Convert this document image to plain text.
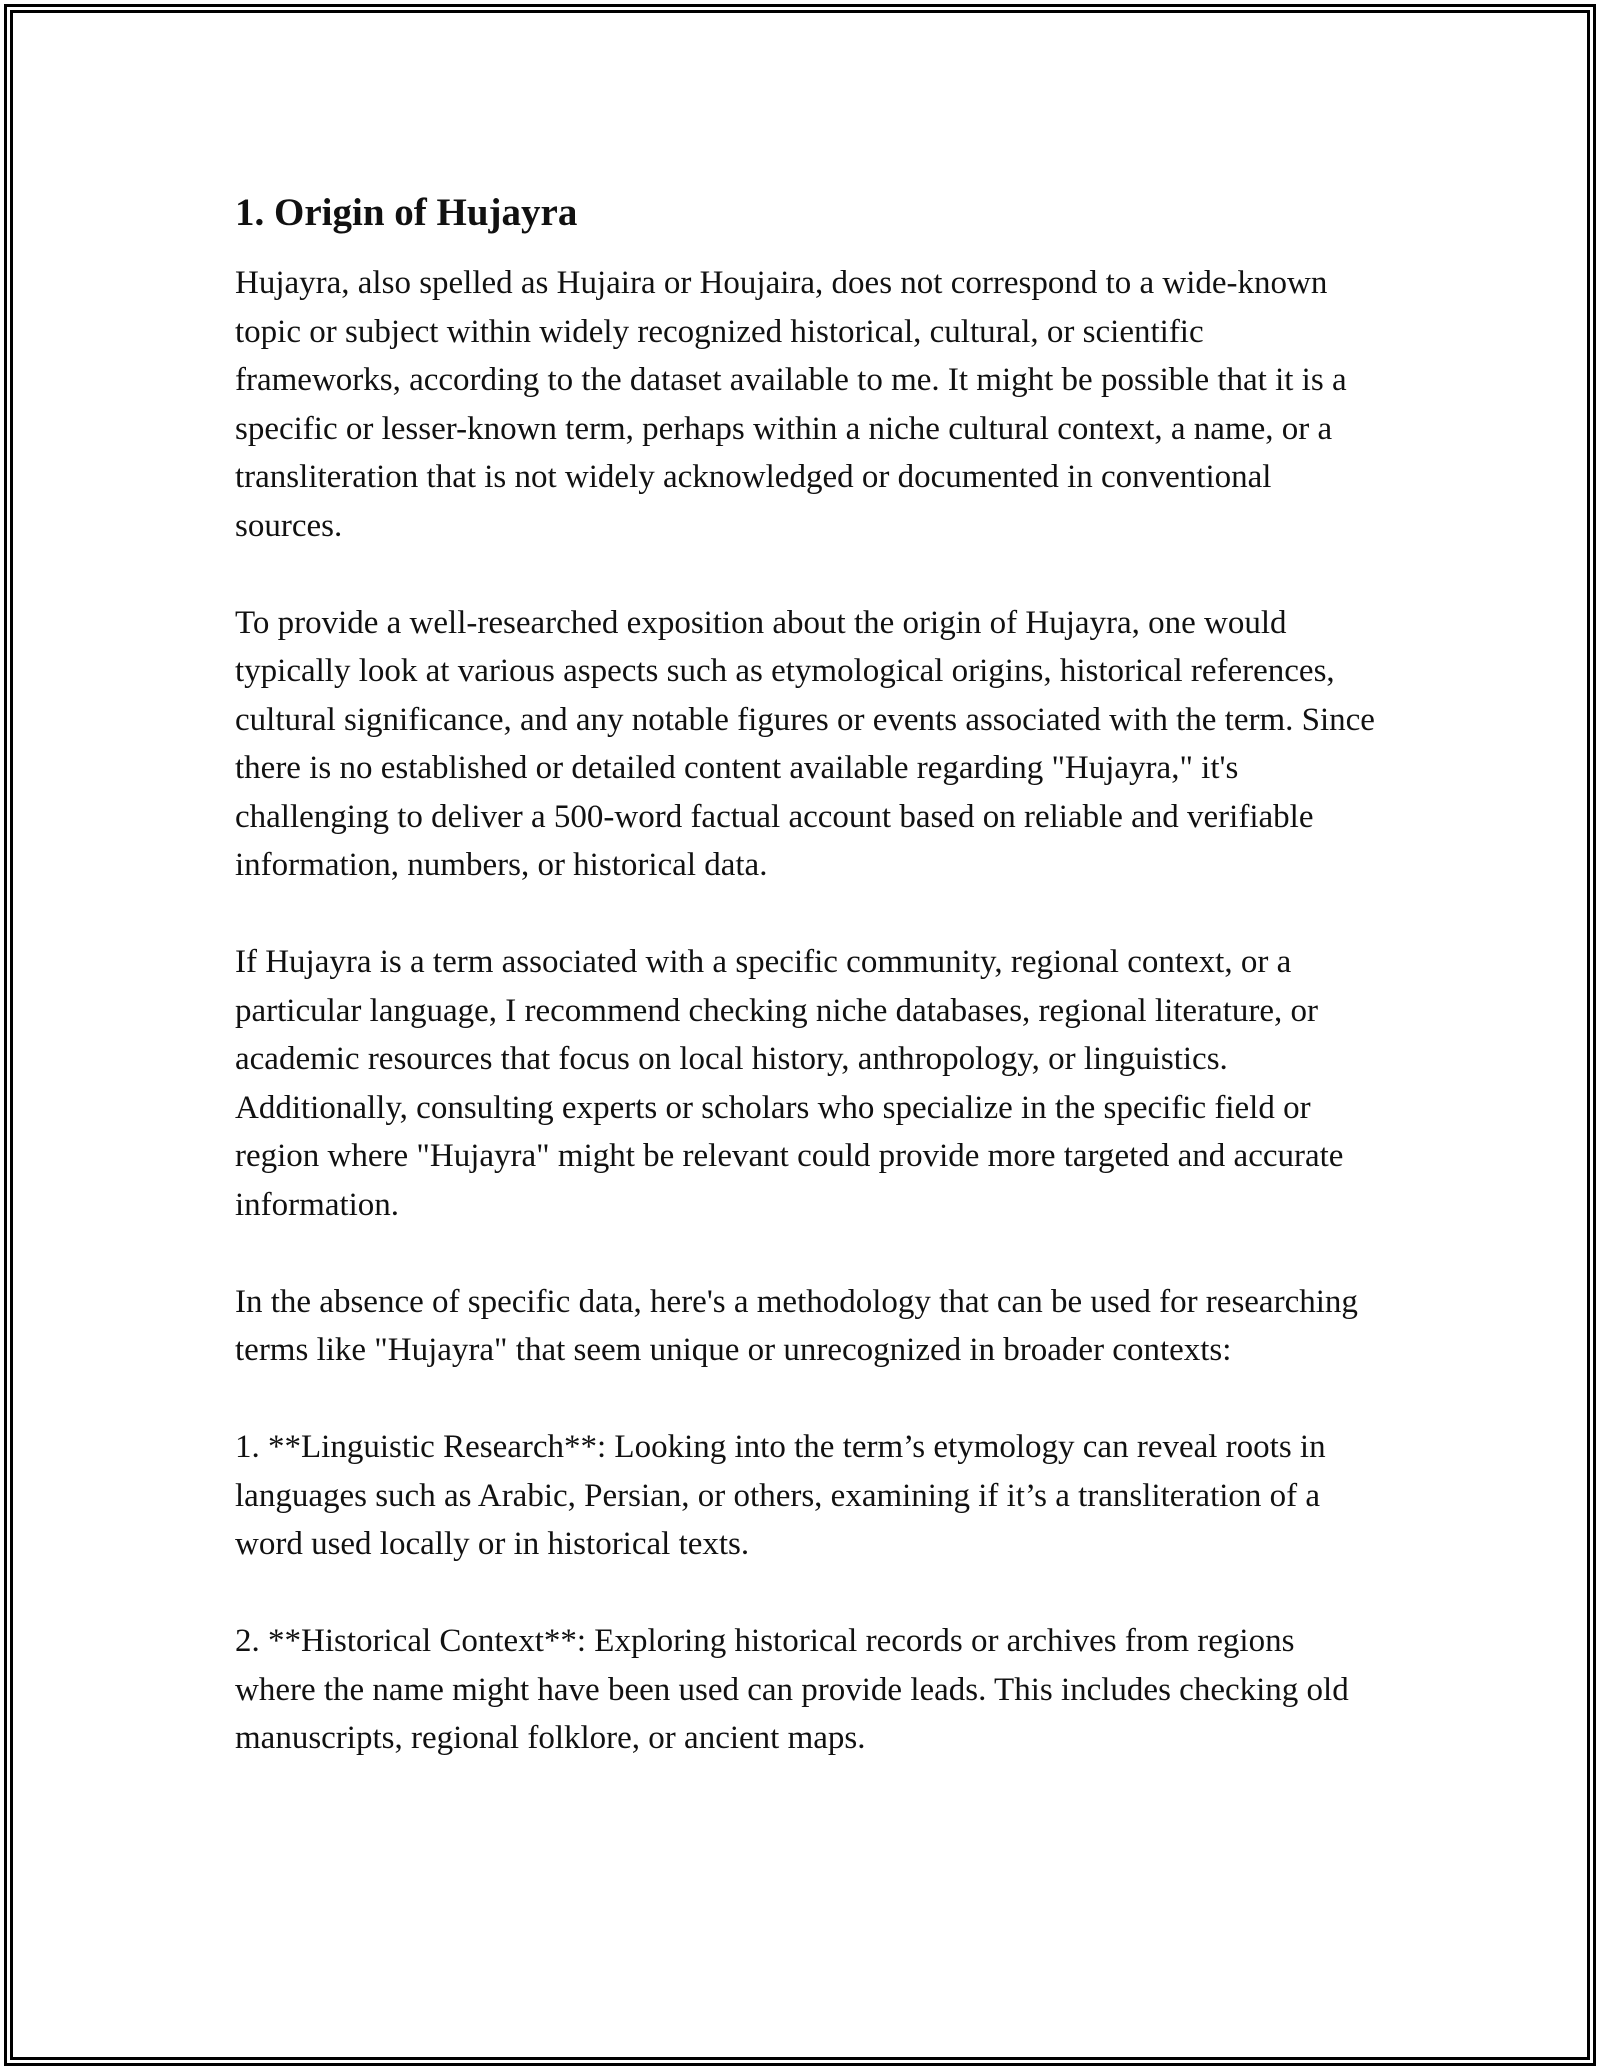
1. Origin of Hujayra

Hujayra, also spelled as Hujaira or Houjaira, does not correspond to a wide-known topic or subject within widely recognized historical, cultural, or scientific frameworks, according to the dataset available to me. It might be possible that it is a specific or lesser-known term, perhaps within a niche cultural context, a name, or a transliteration that is not widely acknowledged or documented in conventional sources.

To provide a well-researched exposition about the origin of Hujayra, one would typically look at various aspects such as etymological origins, historical references, cultural significance, and any notable figures or events associated with the term. Since there is no established or detailed content available regarding "Hujayra," it's challenging to deliver a 500-word factual account based on reliable and verifiable information, numbers, or historical data.

If Hujayra is a term associated with a specific community, regional context, or a particular language, I recommend checking niche databases, regional literature, or academic resources that focus on local history, anthropology, or linguistics. Additionally, consulting experts or scholars who specialize in the specific field or region where "Hujayra" might be relevant could provide more targeted and accurate information.

In the absence of specific data, here's a methodology that can be used for researching terms like "Hujayra" that seem unique or unrecognized in broader contexts:

1. **Linguistic Research**: Looking into the term’s etymology can reveal roots in languages such as Arabic, Persian, or others, examining if it’s a transliteration of a word used locally or in historical texts.

2. **Historical Context**: Exploring historical records or archives from regions where the name might have been used can provide leads. This includes checking old manuscripts, regional folklore, or ancient maps.
